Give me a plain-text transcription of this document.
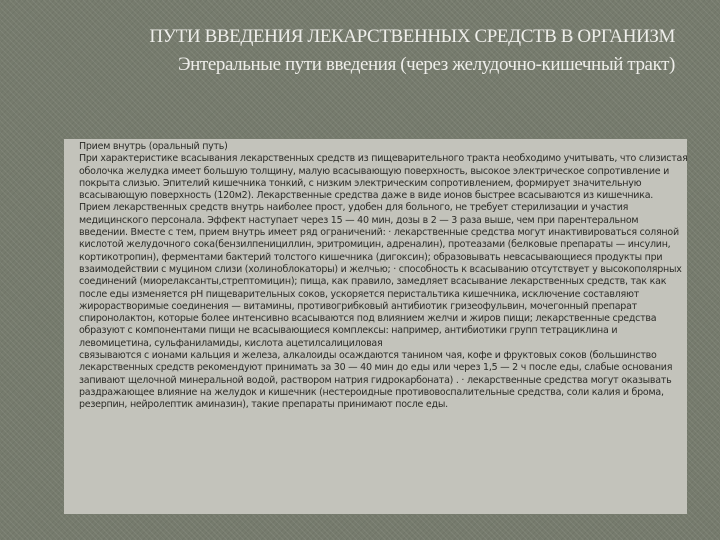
ПУТИ ВВЕДЕНИЯ ЛЕКАРСТВЕННЫХ СРЕДСТВ В ОРГАНИЗМ
Энтеральные пути введения (через желудочно-кишечный тракт)

Прием внутрь (оральный путь)

При характеристике всасывания лекарственных средств из пищеварительного тракта необходимо учитывать, что слизистая оболочка желудка имеет большую толщину, малую всасывающую поверхность, высокое электрическое сопротивление и покрыта слизью. Эпителий кишечника тонкий, с низким электрическим сопротивлением, формирует значительную всасывающую поверхность (120м2). Лекарственные средства даже в виде ионов быстрее всасываются из кишечника.

Прием лекарственных средств внутрь наиболее прост, удобен для больного, не требует стерилизации и участия медицинского персонала. Эффект наступает через 15 — 40 мин, дозы в 2 — 3 раза выше, чем при парентеральном введении. Вместе с тем, прием внутрь имеет ряд ограничений: · лекарственные средства могут инактивироваться соляной кислотой желудочного сока(бензилпенициллин, эритромицин, адреналин), протеазами (белковые препараты — инсулин, кортикотропин), ферментами бактерий толстого кишечника (дигоксин); образовывать невсасывающиеся продукты при взаимодействии с муцином слизи (холиноблокаторы) и желчью; · способность к всасыванию отсутствует у высокополярных соединений (миорелаксанты,стрептомицин); пища, как правило, замедляет всасывание лекарственных средств, так как после еды изменяется pH пищеварительных соков, ускоряется перистальтика кишечника, исключение составляют жирорастворимые соединения — витамины, противогрибковый антибиотик гризеофульвин, мочегонный препарат спиронолактон, которые более интенсивно всасываются под влиянием желчи и жиров пищи; лекарственные средства образуют с компонентами пищи не всасывающиеся комплексы: например, антибиотики групп тетрациклина и левомицетина, сульфаниламиды, кислота ацетилсалициловая

связываются с ионами кальция и железа, алкалоиды осаждаются танином чая, кофе и фруктовых соков (большинство лекарственных средств рекомендуют принимать за 30 — 40 мин до еды или через 1,5 — 2 ч после еды, слабые основания запивают щелочной минеральной водой, раствором натрия гидрокарбоната) . · лекарственные средства могут оказывать раздражающее влияние на желудок и кишечник (нестероидные противовоспалительные средства, соли калия и брома, резерпин, нейролептик аминазин), такие препараты принимают после еды.
